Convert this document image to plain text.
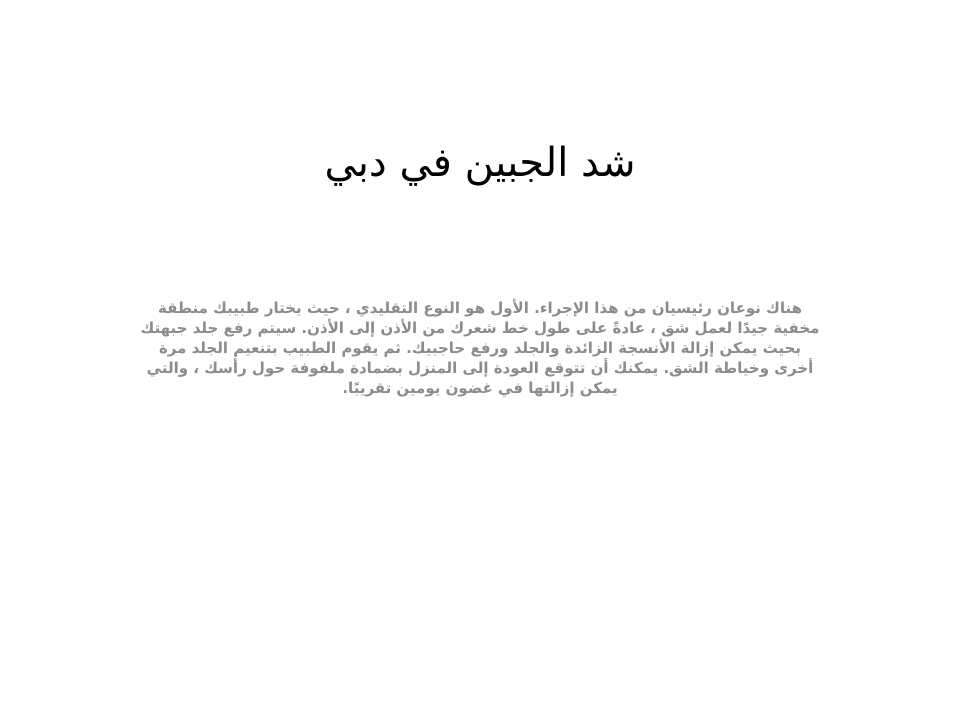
شد الجبين في دبي
هناك نوعان رئيسيان من هذا الإجراء. الأول هو النوع التقليدي ، حيث يختار طبيبك منطقة
مخفية جيدًا لعمل شق ، عادةً على طول خط شعرك من الأذن إلى الأذن. سيتم رفع جلد جبهتك
بحيث يمكن إزالة الأنسجة الزائدة والجلد ورفع حاجبيك. ثم يقوم الطبيب بتنعيم الجلد مرة
أخرى وخياطة الشق. يمكنك أن تتوقع العودة إلى المنزل بضمادة ملفوفة حول رأسك ، والتي
يمكن إزالتها في غضون يومين تقريبًا.
